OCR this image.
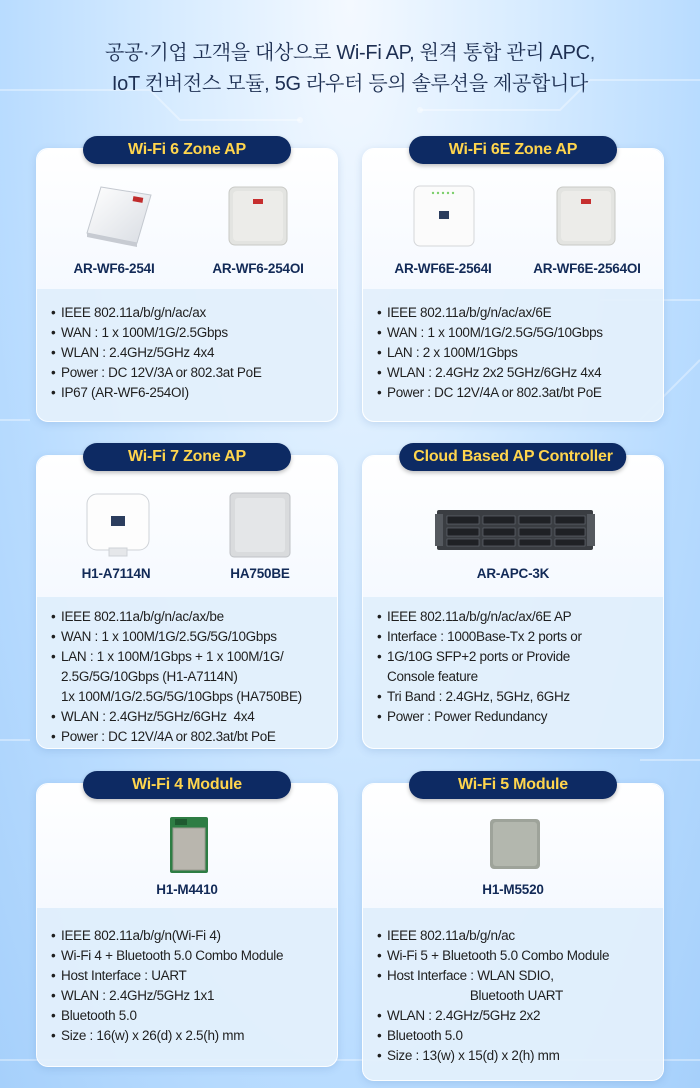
공공·기업 고객을 대상으로 Wi-Fi AP, 원격 통합 관리 APC,
IoT 컨버전스 모듈, 5G 라우터 등의 솔루션을 제공합니다
Wi-Fi 6 Zone AP
AR-WF6-254I	AR-WF6-254OI
• IEEE 802.11a/b/g/n/ac/ax
• WAN : 1 x 100M/1G/2.5Gbps
• WLAN : 2.4GHz/5GHz 4x4
• Power : DC 12V/3A or 802.3at PoE
• IP67 (AR-WF6-254OI)
Wi-Fi 6E Zone AP
AR-WF6E-2564I	AR-WF6E-2564OI
• IEEE 802.11a/b/g/n/ac/ax/6E
• WAN : 1 x 100M/1G/2.5G/5G/10Gbps
• LAN : 2 x 100M/1Gbps
• WLAN : 2.4GHz 2x2 5GHz/6GHz 4x4
• Power : DC 12V/4A or 802.3at/bt PoE
Wi-Fi 7 Zone AP
H1-A7114N	HA750BE
• IEEE 802.11a/b/g/n/ac/ax/be
• WAN : 1 x 100M/1G/2.5G/5G/10Gbps
• LAN : 1 x 100M/1Gbps + 1 x 100M/1G/
2.5G/5G/10Gbps (H1-A7114N)
1x 100M/1G/2.5G/5G/10Gbps (HA750BE)
• WLAN : 2.4GHz/5GHz/6GHz  4x4
• Power : DC 12V/4A or 802.3at/bt PoE
Cloud Based AP Controller
AR-APC-3K
• IEEE 802.11a/b/g/n/ac/ax/6E AP
• Interface : 1000Base-Tx 2 ports or
• 1G/10G SFP+2 ports or Provide
Console feature
• Tri Band : 2.4GHz, 5GHz, 6GHz
• Power : Power Redundancy
Wi-Fi 4 Module
H1-M4410
• IEEE 802.11a/b/g/n(Wi-Fi 4)
• Wi-Fi 4 + Bluetooth 5.0 Combo Module
• Host Interface : UART
• WLAN : 2.4GHz/5GHz 1x1
• Bluetooth 5.0
• Size : 16(w) x 26(d) x 2.5(h) mm
Wi-Fi 5 Module
H1-M5520
• IEEE 802.11a/b/g/n/ac
• Wi-Fi 5 + Bluetooth 5.0 Combo Module
• Host Interface : WLAN SDIO,
Bluetooth UART
• WLAN : 2.4GHz/5GHz 2x2
• Bluetooth 5.0
• Size : 13(w) x 15(d) x 2(h) mm
